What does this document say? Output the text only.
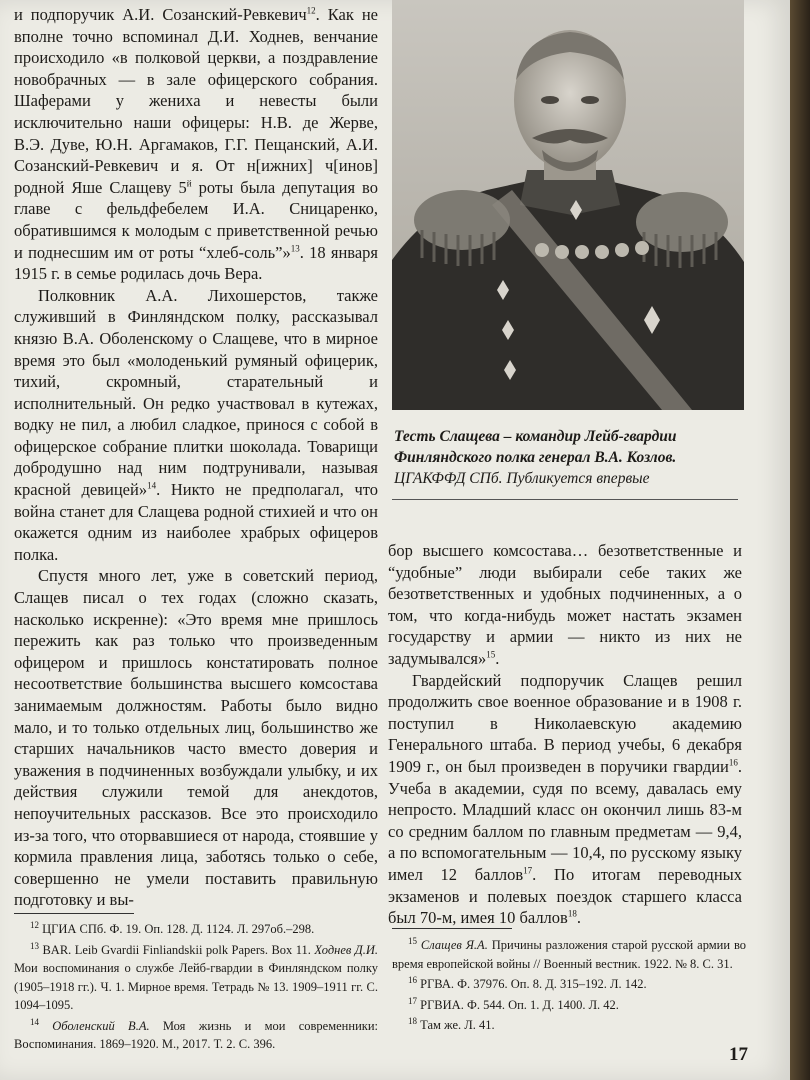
и подпоручик А.И. Созанский-Ревкевич$^{12}$. Как не вполне точно вспоминал Д.И. Ходнев, венчание происходило «в полковой церкви, а поздравление новобрачных — в зале офицерского собрания. Шаферами у жениха и невесты были исключительно наши офицеры: Н.В. де Жерве, В.Э. Дуве, Ю.Н. Аргамаков, Г.Г. Пещанский, А.И. Созанский-Ревкевич и я. От н[ижних] ч[инов] родной Яше Слащеву $5^й$ роты была депутация во главе с фельдфебелем И.А. Сницаренко, обратившимся к молодым с приветственной речью и поднесшим им от роты “хлеб-соль”»$^{13}$. 18 января 1915 г. в семье родилась дочь Вера.

Полковник А.А. Лихошерстов, также служивший в Финляндском полку, рассказывал князю В.А. Оболенскому о Слащеве, что в мирное время это был «молоденький румяный офицерик, тихий, скромный, старательный и исполнительный. Он редко участвовал в кутежах, водку не пил, а любил сладкое, принося с собой в офицерское собрание плитки шоколада. Товарищи добродушно над ним подтрунивали, называя красной девицей»$^{14}$. Никто не предполагал, что война станет для Слащева родной стихией и что он окажется одним из наиболее храбрых офицеров полка.

Спустя много лет, уже в советский период, Слащев писал о тех годах (сложно сказать, насколько искренне): «Это время мне пришлось пережить как раз только что произведенным офицером и пришлось констатировать полное несоответствие большинства высшего комсостава занимаемым должностям. Работы было видно мало, и то только отдельных лиц, большинство же старших начальников часто вместо доверия и уважения в подчиненных возбуждали улыбку, и их действия служили темой для анекдотов, непоучительных рассказов. Все это происходило из-за того, что оторвавшиеся от народа, стоявшие у кормила правления лица, заботясь только о себе, совершенно не умели поставить правильную подготовку и вы-

Тесть Слащева – командир Лейб-гвардии Финляндского полка генерал В.А. Козлов.
ЦГАКФФД СПб. Публикуется впервые

бор высшего комсостава… безответственные и “удобные” люди выбирали себе таких же безответственных и удобных подчиненных, а о том, что когда-нибудь может настать экзамен государству и армии — никто из них не задумывался»$^{15}$.

Гвардейский подпоручик Слащев решил продолжить свое военное образование и в 1908 г. поступил в Николаевскую академию Генерального штаба. В период учебы, 6 декабря 1909 г., он был произведен в поручики гвардии$^{16}$. Учеба в академии, судя по всему, давалась ему непросто. Младший класс он окончил лишь 83-м со средним баллом по главным предметам — 9,4, а по вспомогательным — 10,4, по русскому языку имел 12 баллов$^{17}$. По итогам переводных экзаменов и полевых поездок старшего класса был 70-м, имея 10 баллов$^{18}$.

$^{12}$ ЦГИА СПб. Ф. 19. Оп. 128. Д. 1124. Л. 297об.–298.

$^{13}$ BAR. Leib Gvardii Finliandskii polk Papers. Box 11. Ходнев Д.И. Мои воспоминания о службе Лейб-гвардии в Финляндском полку (1905–1918 гг.). Ч. 1. Мирное время. Тетрадь № 13. 1909–1911 гг. С. 1094–1095.

$^{14}$ Оболенский В.А. Моя жизнь и мои современники: Воспоминания. 1869–1920. М., 2017. Т. 2. С. 396.

$^{15}$ Слащев Я.А. Причины разложения старой русской армии во время европейской войны // Военный вестник. 1922. № 8. С. 31.

$^{16}$ РГВА. Ф. 37976. Оп. 8. Д. 315–192. Л. 142.

$^{17}$ РГВИА. Ф. 544. Оп. 1. Д. 1400. Л. 42.

$^{18}$ Там же. Л. 41.

17
